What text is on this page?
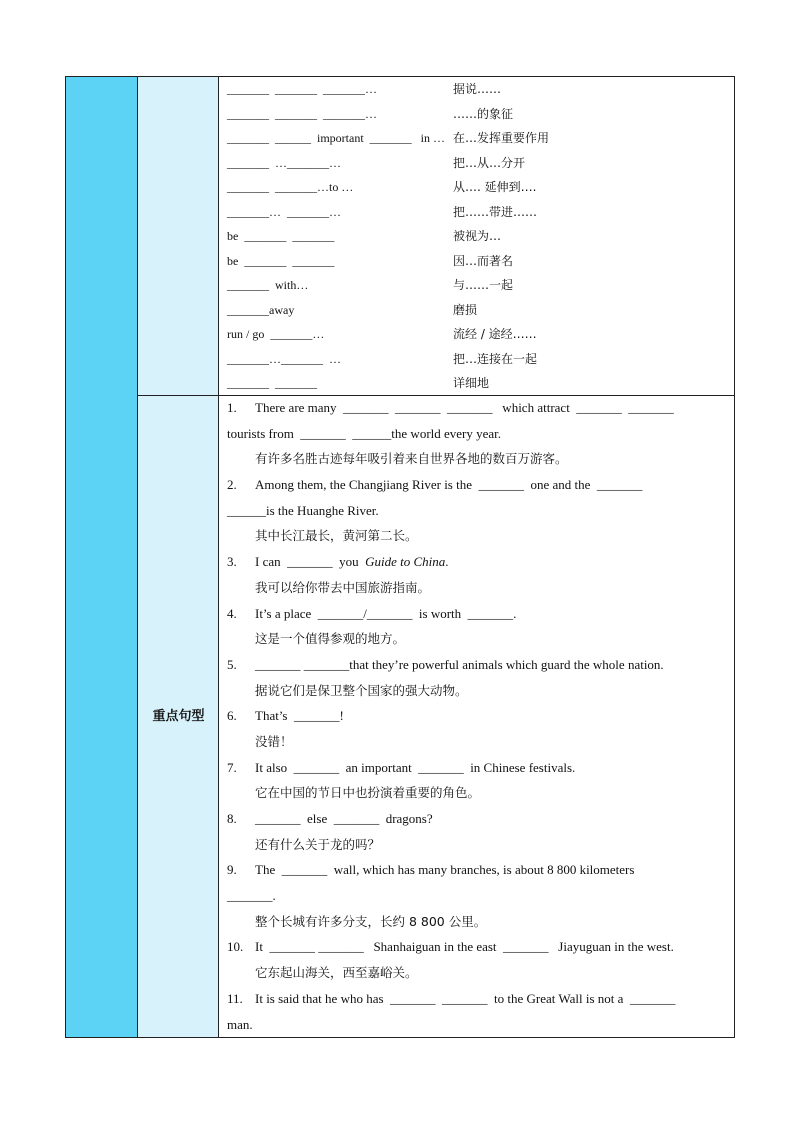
重点句型
_______  _______  _______…	据说……
_______  _______  _______…	……的象征
_______  ______  important  _______   in … 在…发挥重要作用
_______  …_______…	把…从…分开
_______  _______…to …	从…. 延伸到….
_______…  _______…	把……带进……
be  _______  _______	被视为…
be  _______  _______	因…而著名
_______  with…	与……一起
_______away	磨损
run / go  _______…	流经 / 途经……
_______…_______  …	把…连接在一起
_______  _______	详细地
1. There are many  _______  _______  _______   which attract  _______  _______
tourists from  _______  ______the world every year.
有许多名胜古迹每年吸引着来自世界各地的数百万游客。
2. Among them, the Changjiang River is the  _______  one and the  _______
______is the Huanghe River.
其中长江最长，黄河第二长。
3. I can  _______  you  Guide to China.
我可以给你带去中国旅游指南。
4. It’s a place  _______/_______  is worth  _______.
这是一个值得参观的地方。
5. _______ _______that they’re powerful animals which guard the whole nation.
据说它们是保卫整个国家的强大动物。
6. That’s  _______!
没错！
7. It also  _______  an important  _______  in Chinese festivals.
它在中国的节日中也扮演着重要的角色。
8. _______  else  _______  dragons?
还有什么关于龙的吗？
9. The  _______  wall, which has many branches, is about 8 800 kilometers
_______.
整个长城有许多分支，长约 8 800 公里。
10. It  _______ _______   Shanhaiguan in the east  _______   Jiayuguan in the west.
它东起山海关，西至嘉峪关。
11. It is said that he who has  _______  _______  to the Great Wall is not a  _______
man.
